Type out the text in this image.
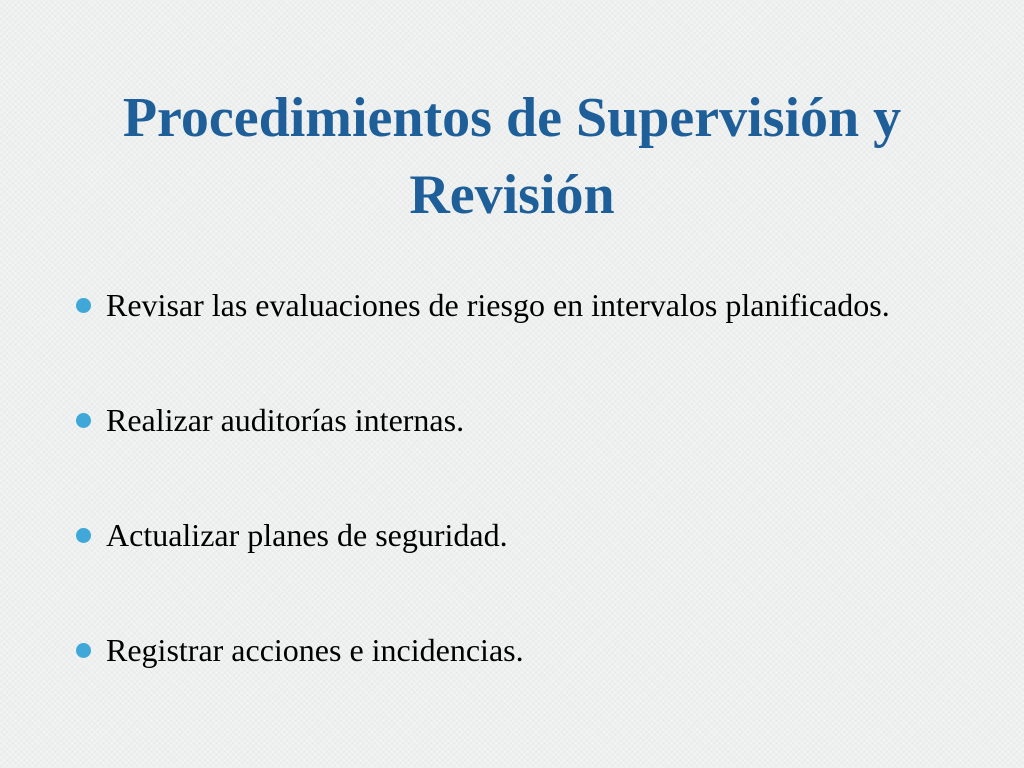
Procedimientos de Supervisión y Revisión
Revisar las evaluaciones de riesgo en intervalos planificados.
Realizar auditorías internas.
Actualizar planes de seguridad.
Registrar acciones e incidencias.
